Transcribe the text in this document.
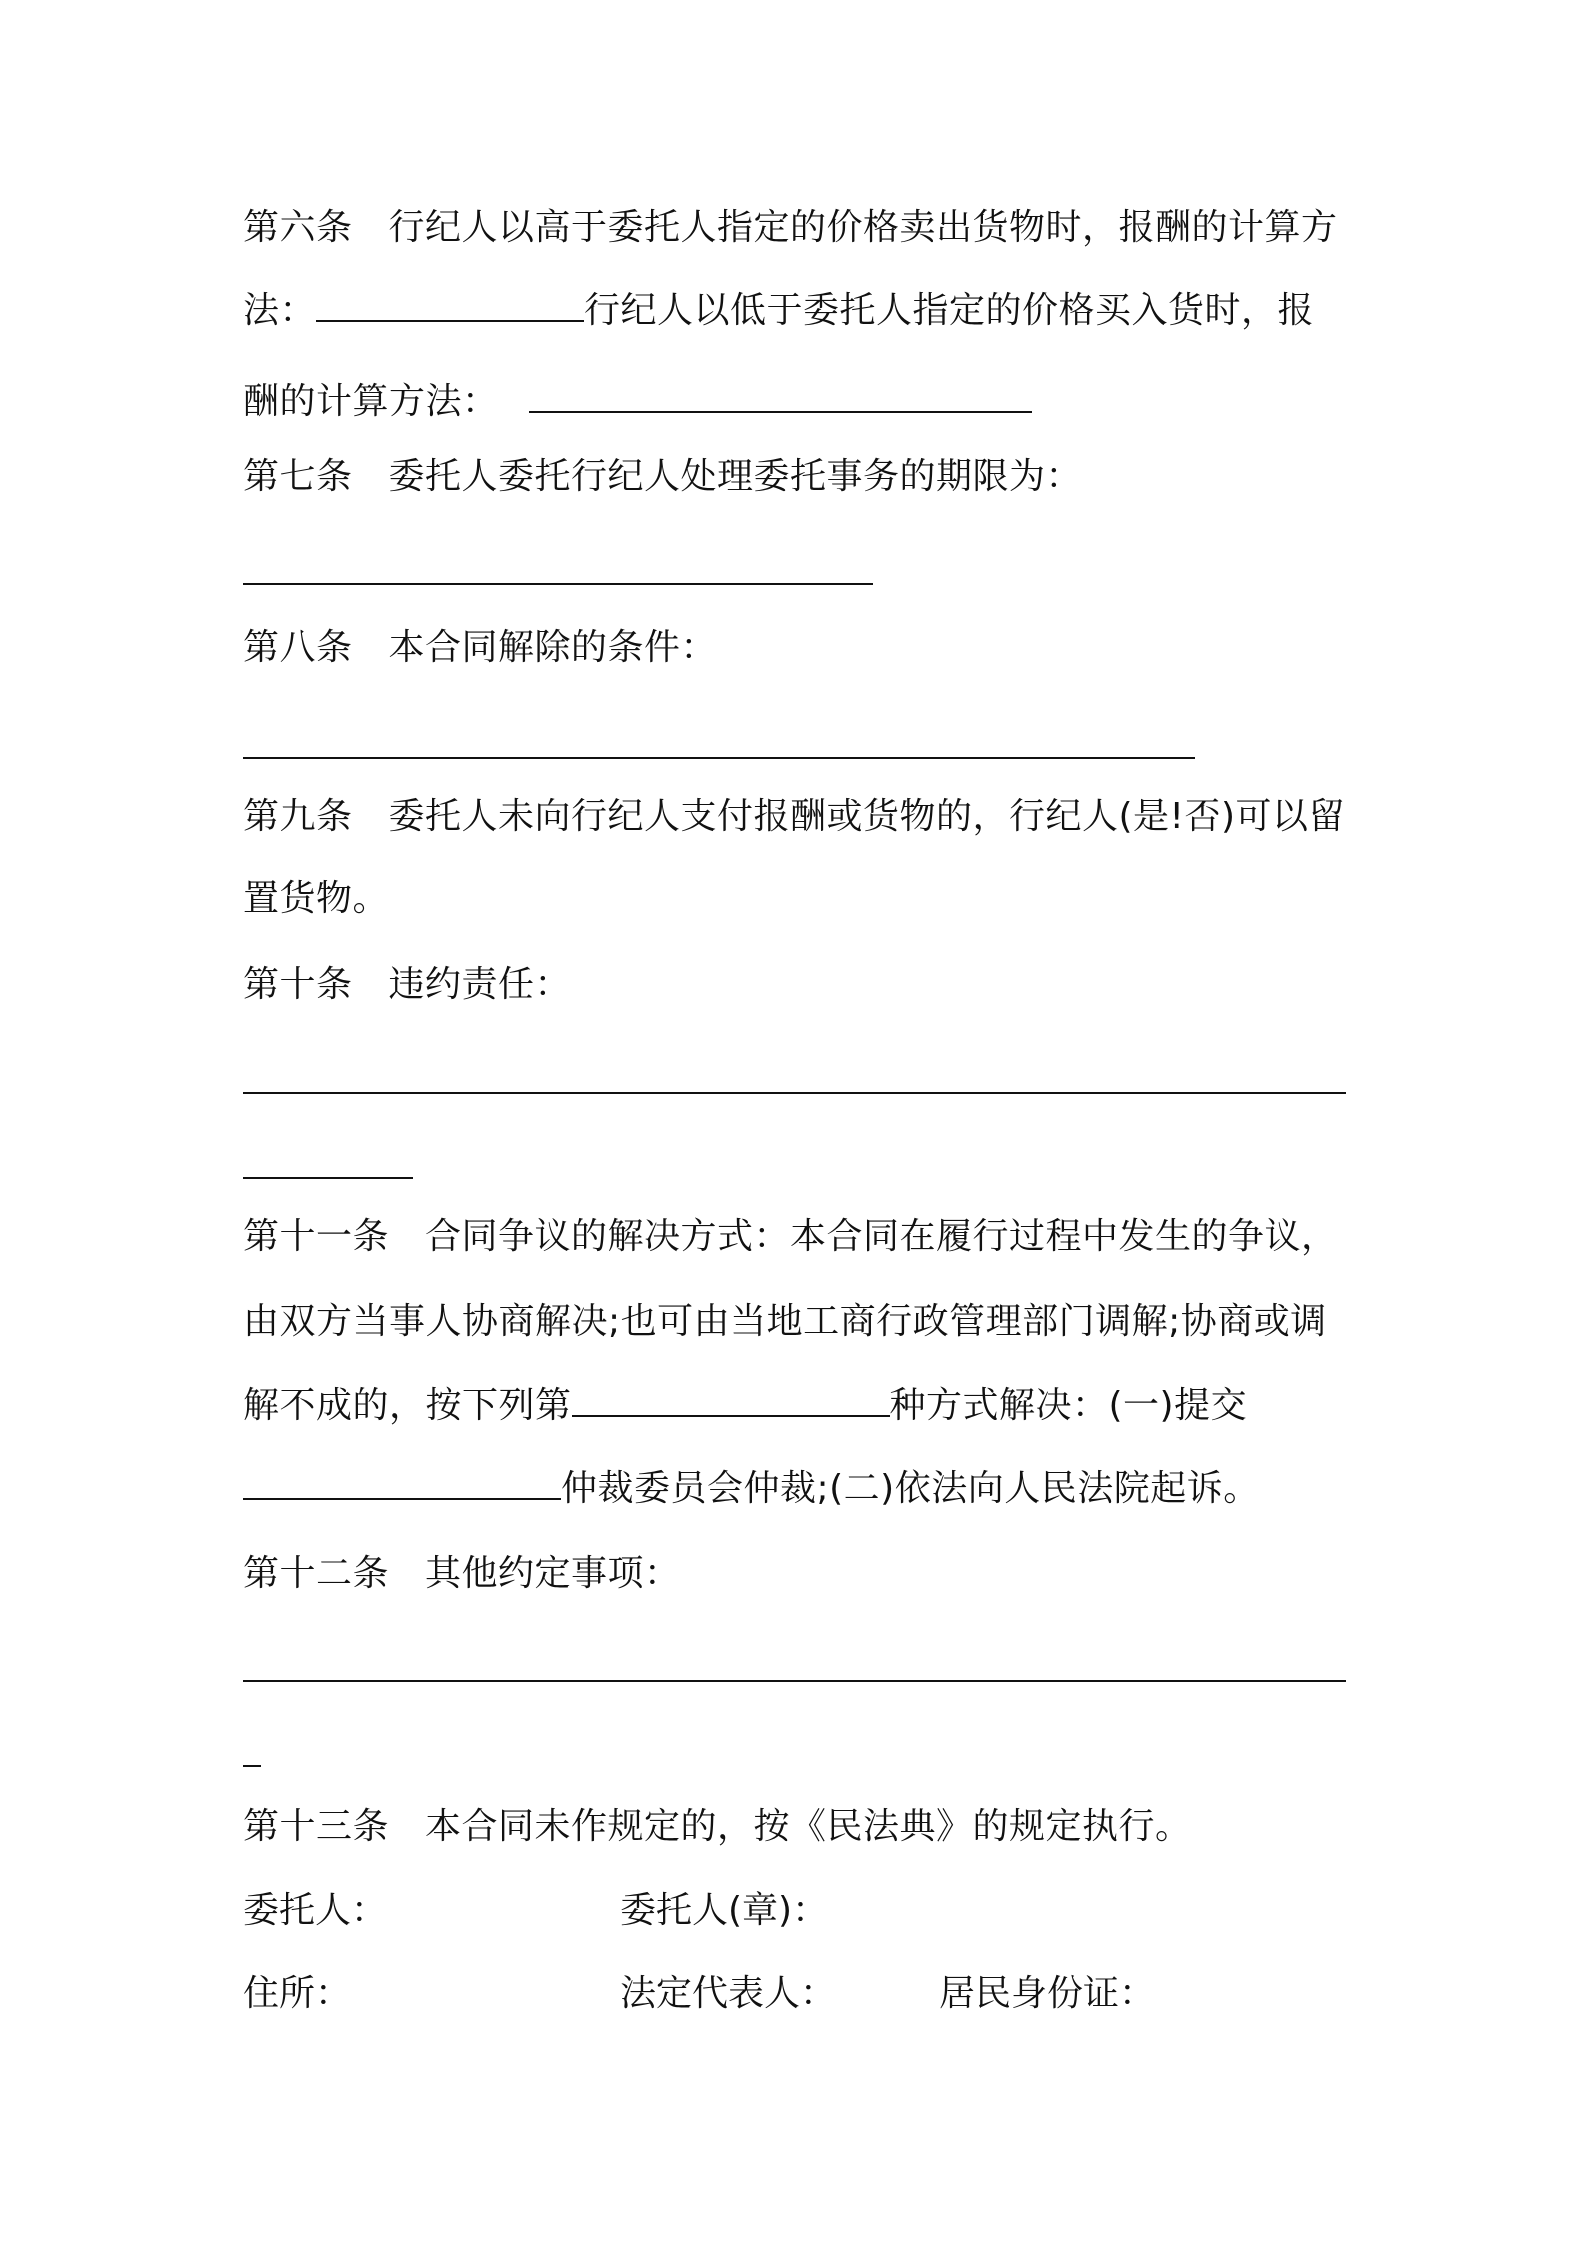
第六条 行纪人以高于委托人指定的价格卖出货物时，报酬的计算方
法：	行纪人以低于委托人指定的价格买入货时，报
酬的计算方法：
第七条 委托人委托行纪人处理委托事务的期限为：
第八条 本合同解除的条件：
第九条 委托人未向行纪人支付报酬或货物的，行纪人(是!否)可以留
置货物。
第十条 违约责任：
第十一条 合同争议的解决方式：本合同在履行过程中发生的争议，
由双方当事人协商解决;也可由当地工商行政管理部门调解;协商或调
解不成的，按下列第	种方式解决：(一)提交
仲裁委员会仲裁;(二)依法向人民法院起诉。
第十二条 其他约定事项：
第十三条 本合同未作规定的，按《民法典》的规定执行。
委托人：	委托人(章)：
住所：	法定代表人：	居民身份证：
